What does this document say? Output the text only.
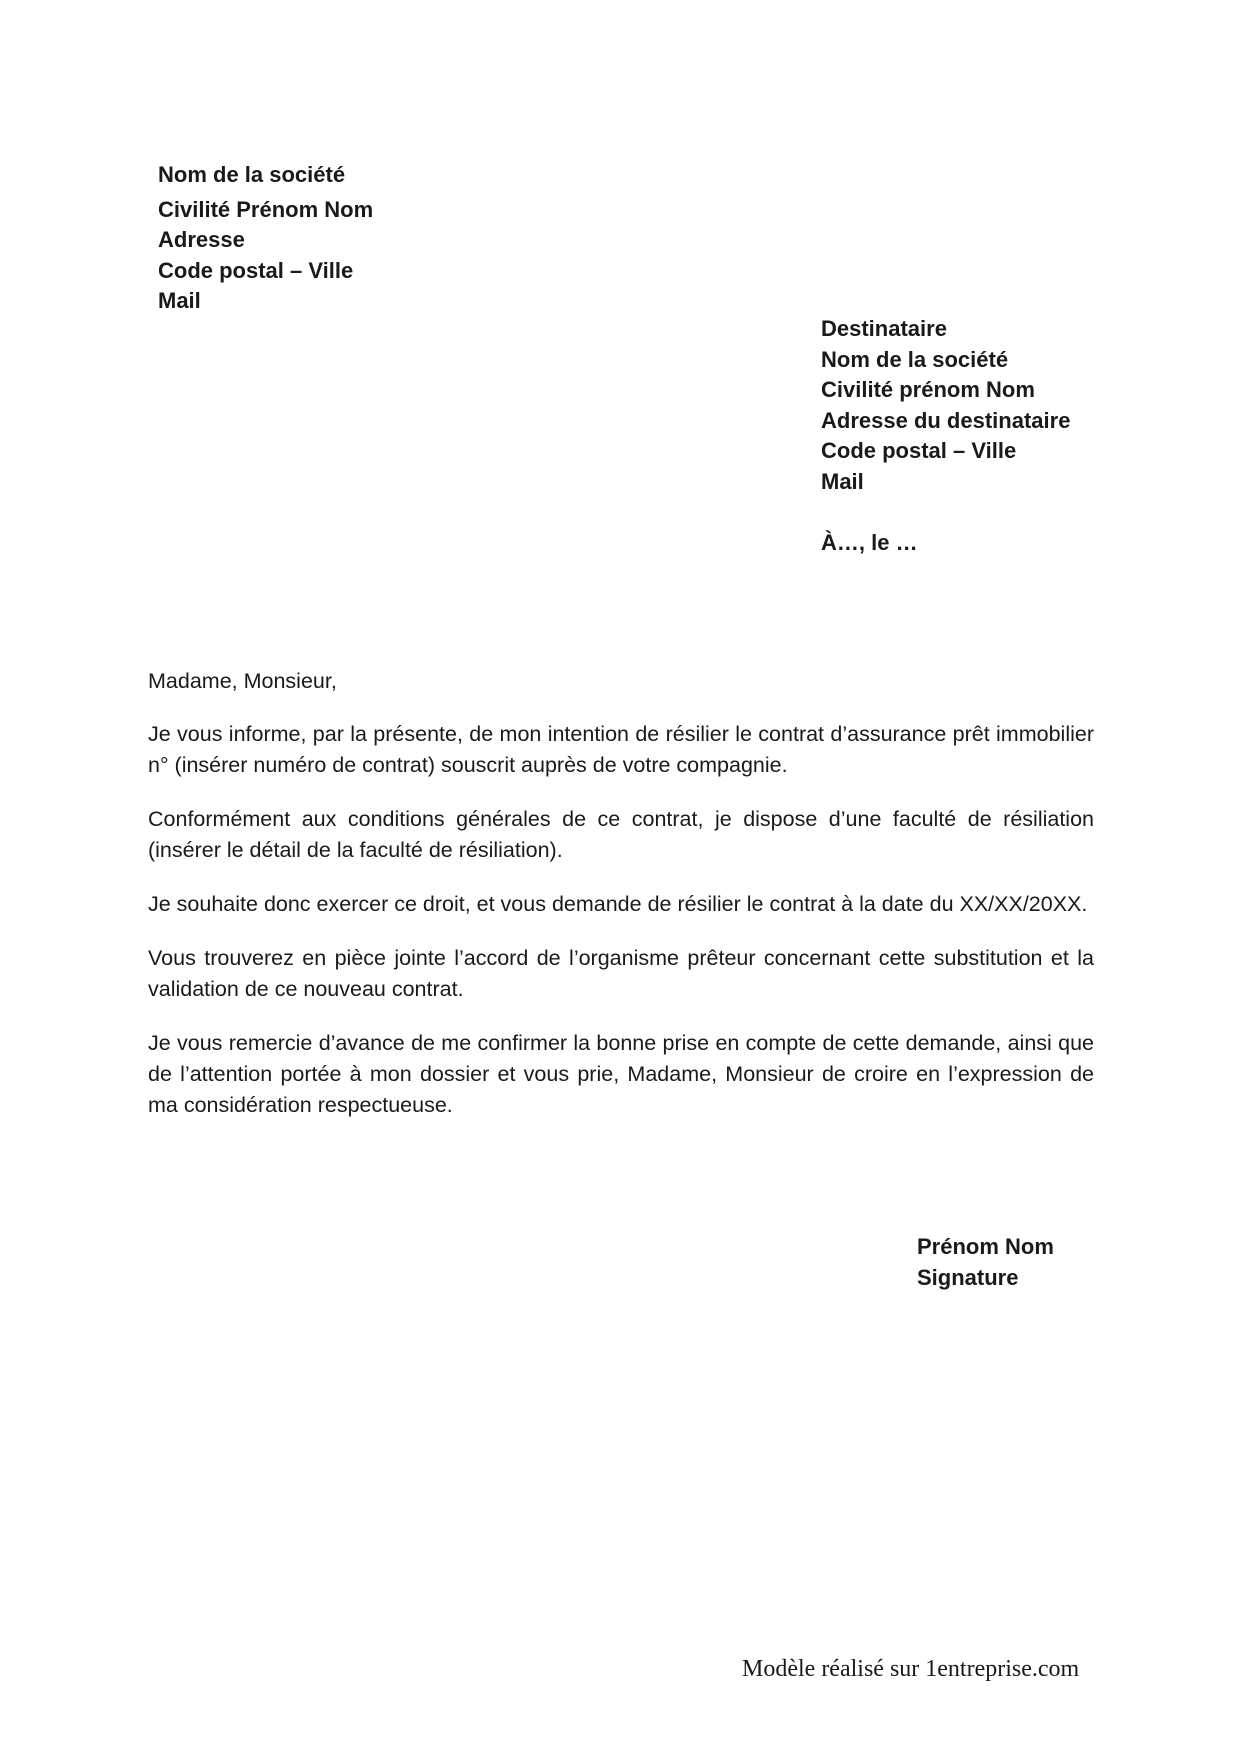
Nom de la société
Civilité Prénom Nom
Adresse
Code postal – Ville
Mail
Destinataire
Nom de la société
Civilité prénom Nom
Adresse du destinataire
Code postal – Ville
Mail
À…, le …

Madame, Monsieur,

Je vous informe, par la présente, de mon intention de résilier le contrat d’assurance prêt immobilier n° (insérer numéro de contrat) souscrit auprès de votre compagnie.

Conformément aux conditions générales de ce contrat, je dispose d’une faculté de résiliation (insérer le détail de la faculté de résiliation).

Je souhaite donc exercer ce droit, et vous demande de résilier le contrat à la date du XX/XX/20XX.

Vous trouverez en pièce jointe l’accord de l’organisme prêteur concernant cette substitution et la validation de ce nouveau contrat.

Je vous remercie d’avance de me confirmer la bonne prise en compte de cette demande, ainsi que de l’attention portée à mon dossier et vous prie, Madame, Monsieur de croire en l’expression de ma considération respectueuse.

Prénom Nom
Signature
Modèle réalisé sur 1entreprise.com
